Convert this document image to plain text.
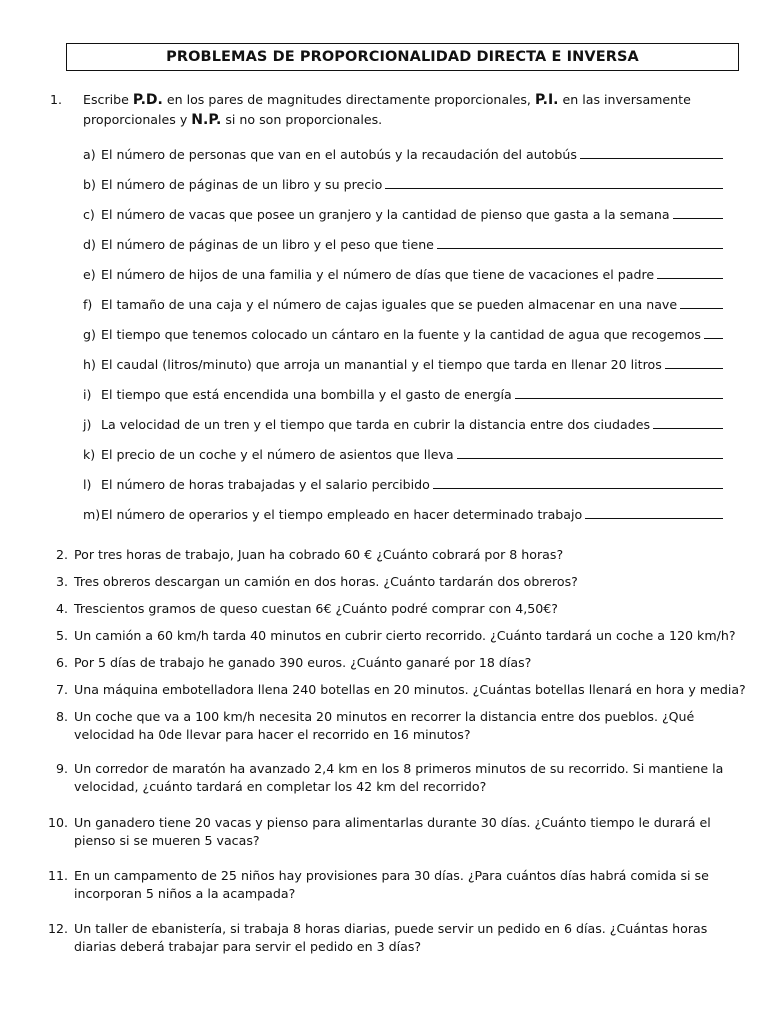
PROBLEMAS DE PROPORCIONALIDAD DIRECTA E INVERSA
1. Escribe P.D. en los pares de magnitudes directamente proporcionales, P.I. en las inversamente proporcionales y N.P. si no son proporcionales.
a) El número de personas que van en el autobús y la recaudación del autobús
b) El número de páginas de un libro y su precio
c) El número de vacas que posee un granjero y la cantidad de pienso que gasta a la semana
d) El número de páginas de un libro y el peso que tiene
e) El número de hijos de una familia y el número de días que tiene de vacaciones el padre
f) El tamaño de una caja y el número de cajas iguales que se pueden almacenar en una nave
g) El tiempo que tenemos colocado un cántaro en la fuente y la cantidad de agua que recogemos
h) El caudal (litros/minuto) que arroja un manantial y el tiempo que tarda en llenar 20 litros
i) El tiempo que está encendida una bombilla y el gasto de energía
j) La velocidad de un tren y el tiempo que tarda en cubrir la distancia entre dos ciudades
k) El precio de un coche y el número de asientos que lleva
l) El número de horas trabajadas y el salario percibido
m) El número de operarios y el tiempo empleado en hacer determinado trabajo
2. Por tres horas de trabajo, Juan ha cobrado 60 € ¿Cuánto cobrará por 8 horas?
3. Tres obreros descargan un camión en dos horas. ¿Cuánto tardarán dos obreros?
4. Trescientos gramos de queso cuestan 6€ ¿Cuánto podré comprar con 4,50€?
5. Un camión a 60 km/h tarda 40 minutos en cubrir cierto recorrido. ¿Cuánto tardará un coche a 120 km/h?
6. Por 5 días de trabajo he ganado 390 euros. ¿Cuánto ganaré por 18 días?
7. Una máquina embotelladora llena 240 botellas en 20 minutos. ¿Cuántas botellas llenará en hora y media?
8. Un coche que va a 100 km/h necesita 20 minutos en recorrer la distancia entre dos pueblos. ¿Qué velocidad ha 0de llevar para hacer el recorrido en 16 minutos?
9. Un corredor de maratón ha avanzado 2,4 km en los 8 primeros minutos de su recorrido. Si mantiene la velocidad, ¿cuánto tardará en completar los 42 km del recorrido?
10. Un ganadero tiene 20 vacas y pienso para alimentarlas durante 30 días. ¿Cuánto tiempo le durará el pienso si se mueren 5 vacas?
11. En un campamento de 25 niños hay provisiones para 30 días. ¿Para cuántos días habrá comida si se incorporan 5 niños a la acampada?
12. Un taller de ebanistería, si trabaja 8 horas diarias, puede servir un pedido en 6 días. ¿Cuántas horas diarias deberá trabajar para servir el pedido en 3 días?
